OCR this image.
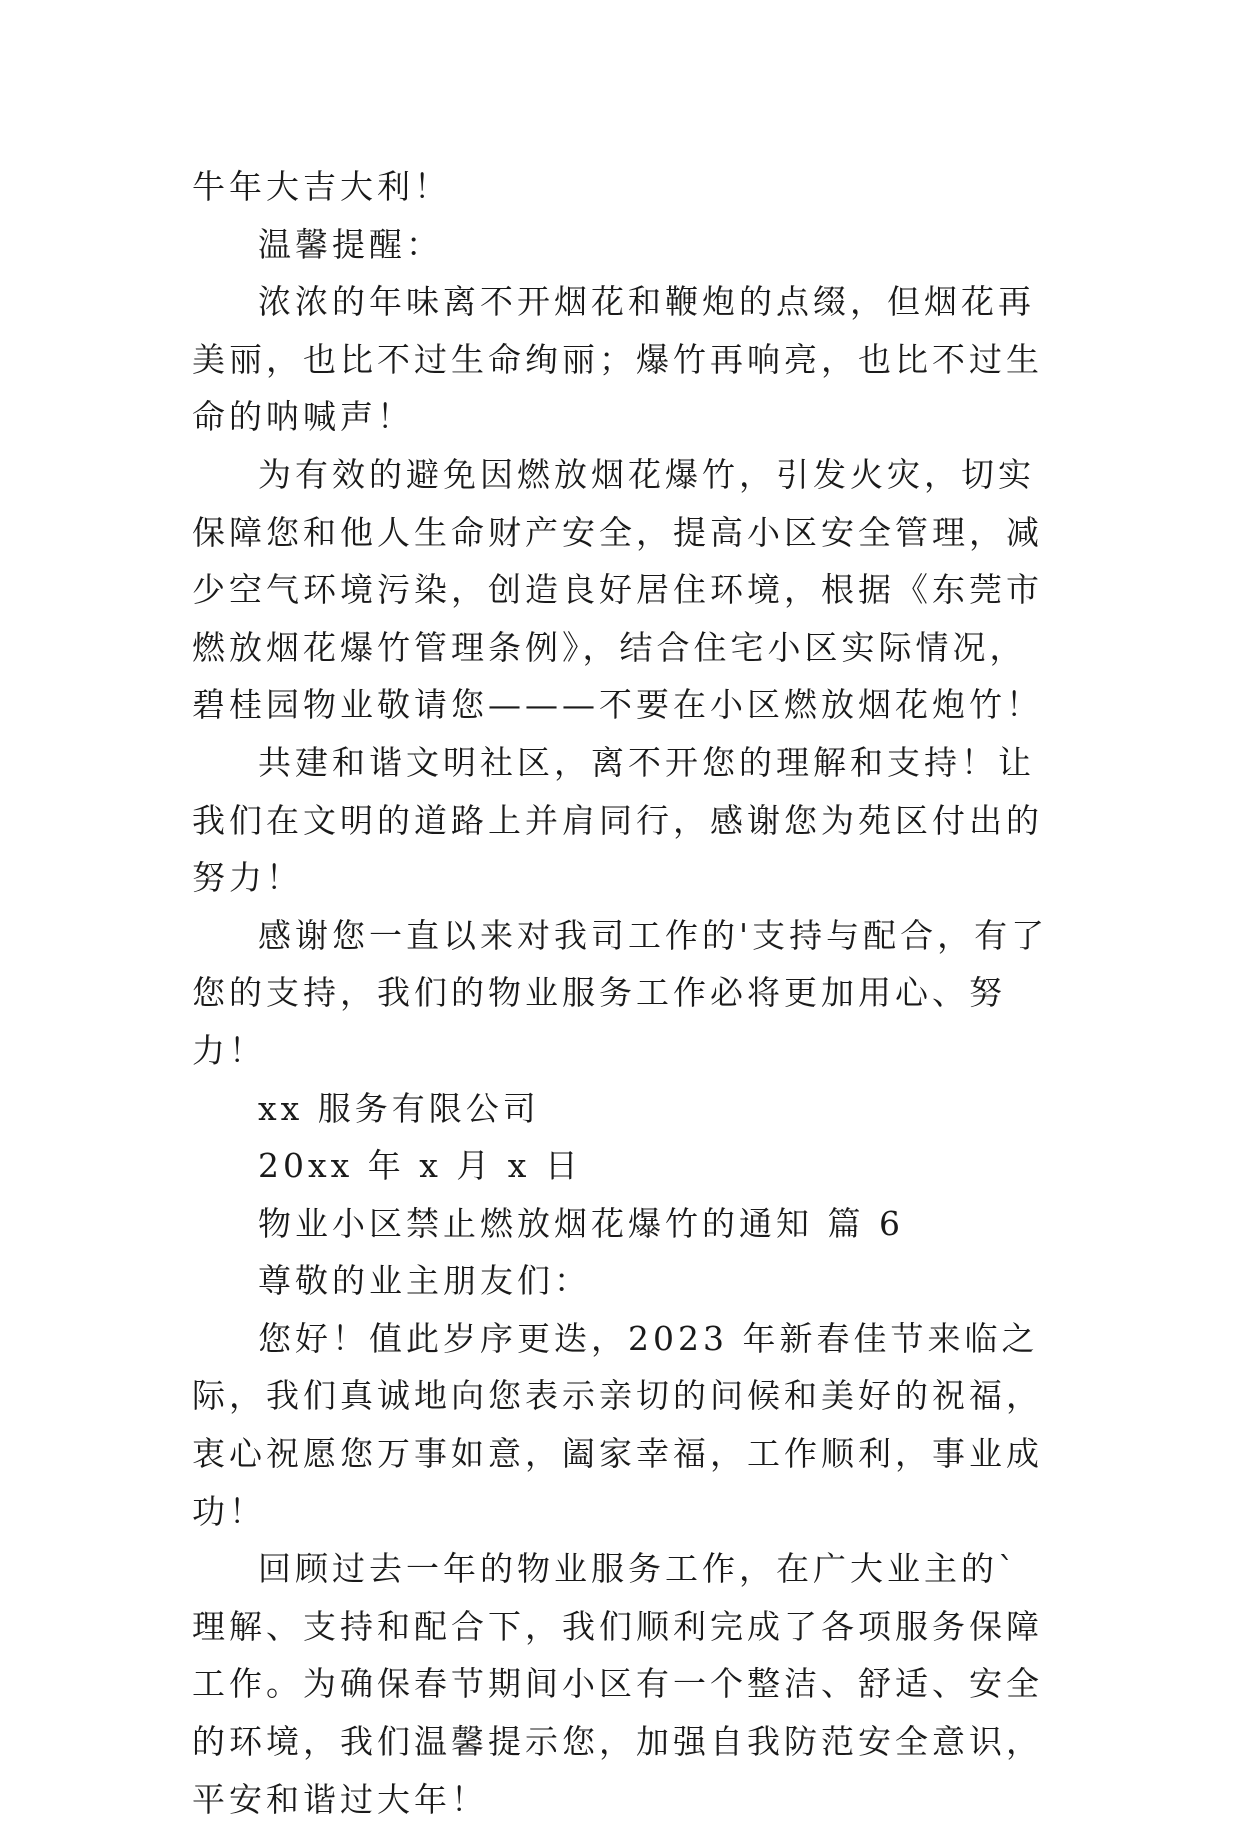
牛年大吉大利！

温馨提醒：

浓浓的年味离不开烟花和鞭炮的点缀，但烟花再美丽，也比不过生命绚丽；爆竹再响亮，也比不过生命的呐喊声！

为有效的避免因燃放烟花爆竹，引发火灾，切实保障您和他人生命财产安全，提高小区安全管理，减少空气环境污染，创造良好居住环境，根据《东莞市燃放烟花爆竹管理条例》，结合住宅小区实际情况，碧桂园物业敬请您———不要在小区燃放烟花炮竹！

共建和谐文明社区，离不开您的理解和支持！让我们在文明的道路上并肩同行，感谢您为苑区付出的努力！

感谢您一直以来对我司工作的'支持与配合，有了您的支持，我们的物业服务工作必将更加用心、努力！

xx 服务有限公司

20xx 年 x 月 x 日

物业小区禁止燃放烟花爆竹的通知 篇 6

尊敬的业主朋友们：

您好！值此岁序更迭，2023 年新春佳节来临之际，我们真诚地向您表示亲切的问候和美好的祝福，衷心祝愿您万事如意，阖家幸福，工作顺利，事业成功！

回顾过去一年的物业服务工作，在广大业主的`理解、支持和配合下，我们顺利完成了各项服务保障工作。为确保春节期间小区有一个整洁、舒适、安全的环境，我们温馨提示您，加强自我防范安全意识，平安和谐过大年！
